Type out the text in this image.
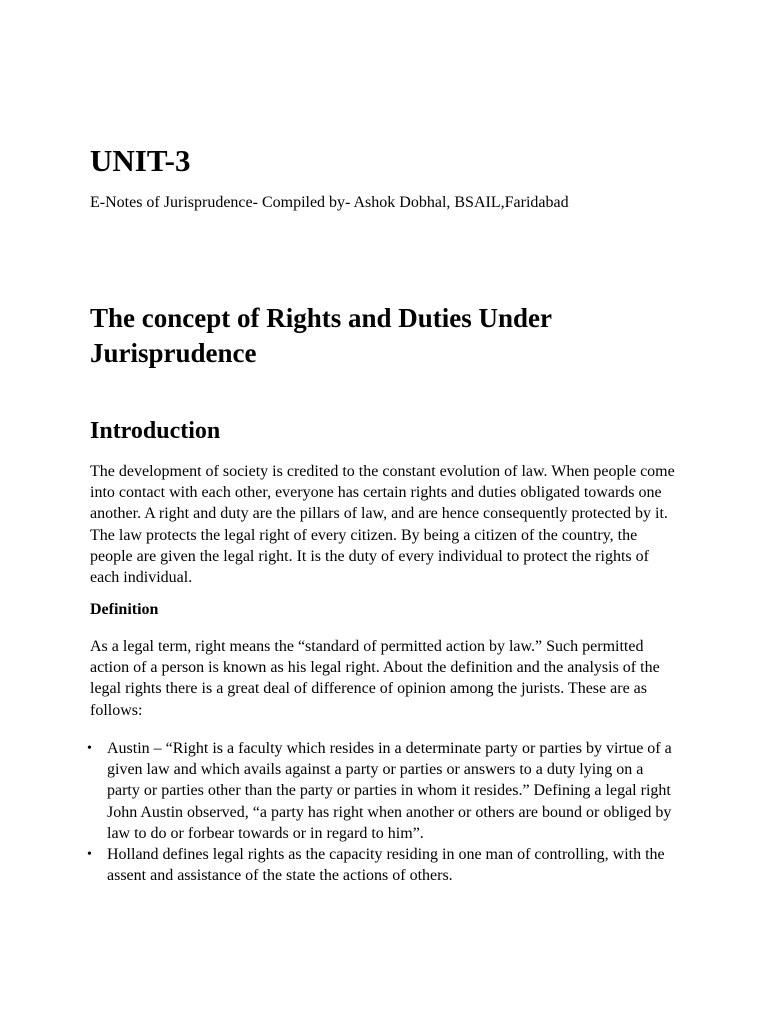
UNIT-3

E-Notes of Jurisprudence- Compiled by- Ashok Dobhal, BSAIL,Faridabad

The concept of Rights and Duties Under Jurisprudence
Introduction

The development of society is credited to the constant evolution of law. When people come into contact with each other, everyone has certain rights and duties obligated towards one another. A right and duty are the pillars of law, and are hence consequently protected by it. The law protects the legal right of every citizen. By being a citizen of the country, the people are given the legal right. It is the duty of every individual to protect the rights of each individual.

Definition

As a legal term, right means the “standard of permitted action by law.” Such permitted action of a person is known as his legal right. About the definition and the analysis of the legal rights there is a great deal of difference of opinion among the jurists. These are as follows:

• Austin – “Right is a faculty which resides in a determinate party or parties by virtue of a given law and which avails against a party or parties or answers to a duty lying on a party or parties other than the party or parties in whom it resides.” Defining a legal right John Austin observed, “a party has right when another or others are bound or obliged by law to do or forbear towards or in regard to him”.
• Holland defines legal rights as the capacity residing in one man of controlling, with the assent and assistance of the state the actions of others.
